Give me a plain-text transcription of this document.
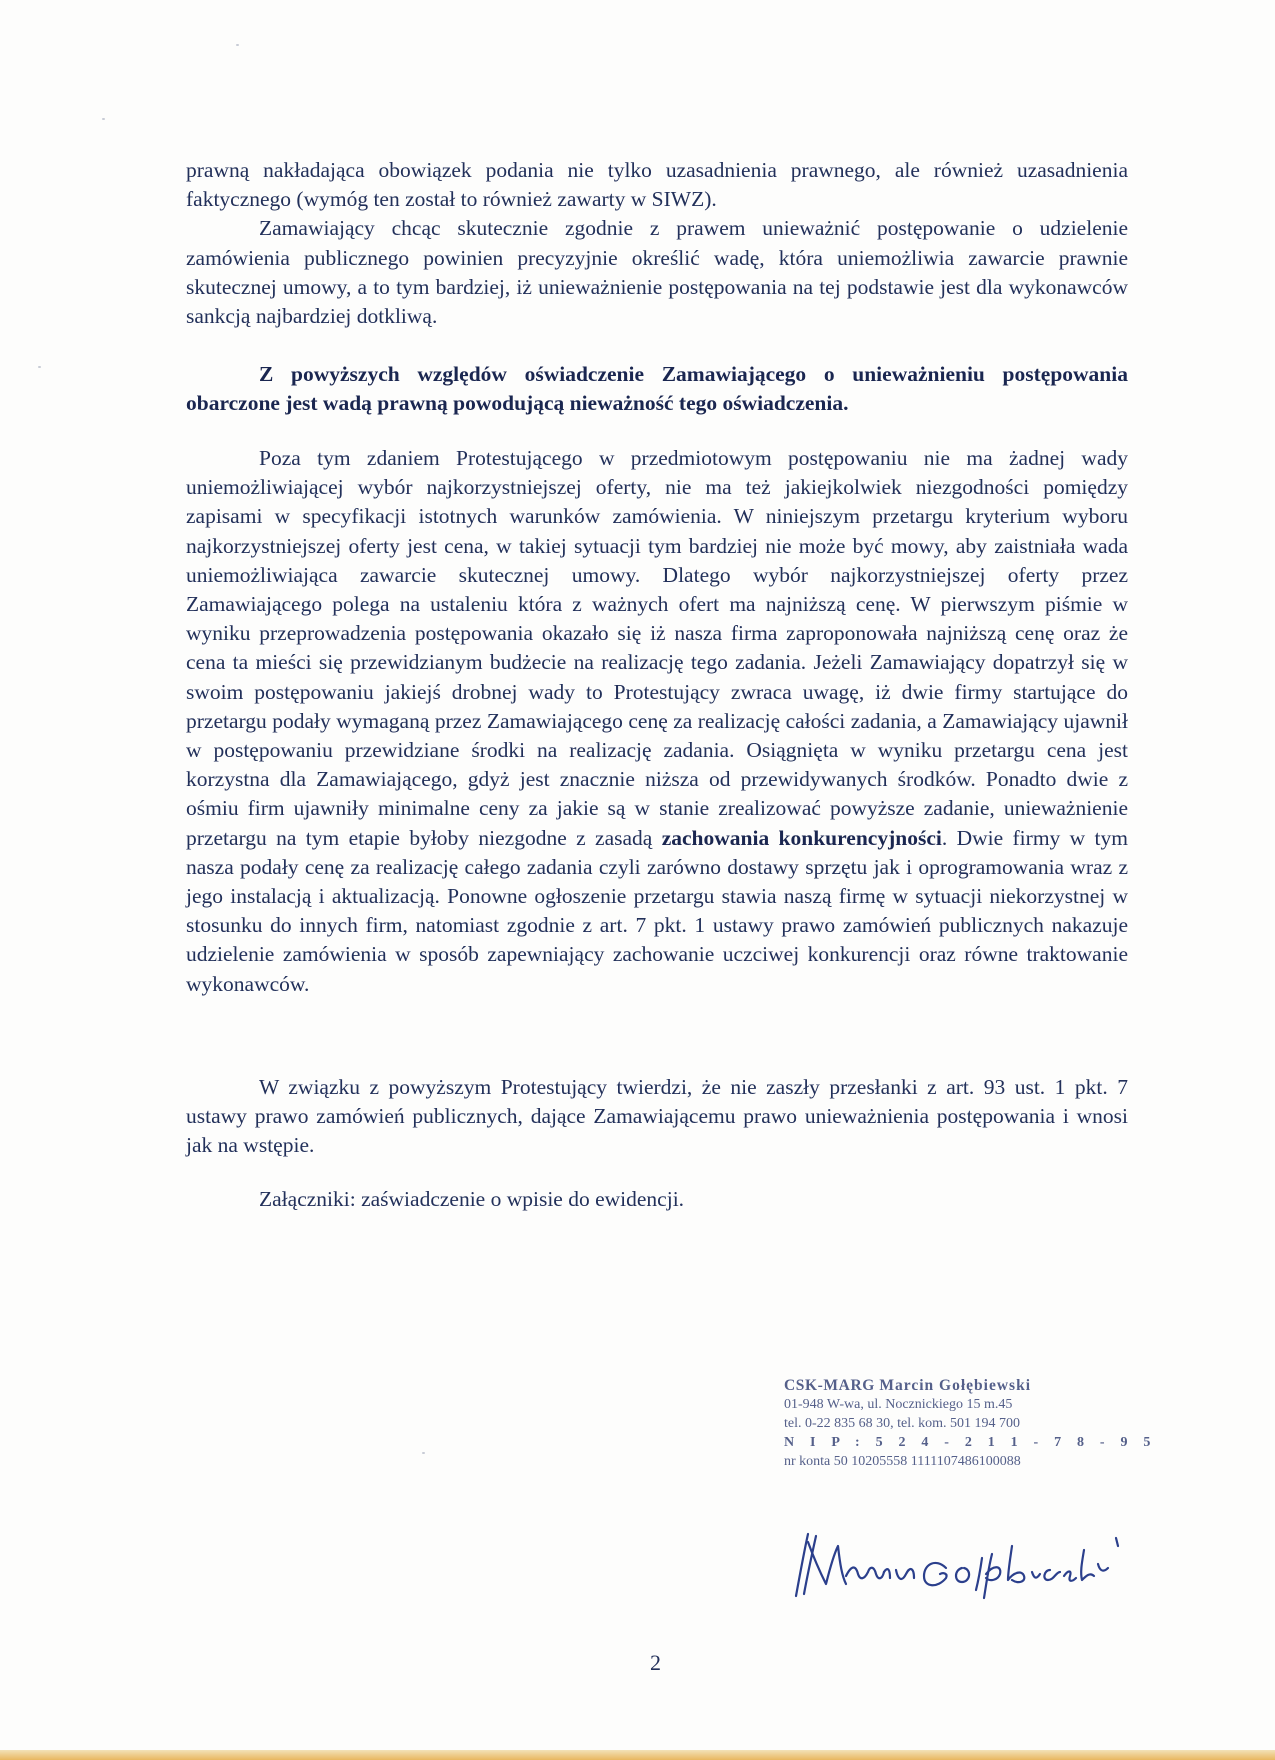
prawną nakładająca obowiązek podania nie tylko uzasadnienia prawnego, ale również uzasadnienia faktycznego (wymóg ten został to również zawarty w SIWZ).

Zamawiający chcąc skutecznie zgodnie z prawem unieważnić postępowanie o udzielenie zamówienia publicznego powinien precyzyjnie określić wadę, która uniemożliwia zawarcie prawnie skutecznej umowy, a to tym bardziej, iż unieważnienie postępowania na tej podstawie jest dla wykonawców sankcją najbardziej dotkliwą.

Z powyższych względów oświadczenie Zamawiającego o unieważnieniu postępowania obarczone jest wadą prawną powodującą nieważność tego oświadczenia.

Poza tym zdaniem Protestującego w przedmiotowym postępowaniu nie ma żadnej wady uniemożliwiającej wybór najkorzystniejszej oferty, nie ma też jakiejkolwiek niezgodności pomiędzy zapisami w specyfikacji istotnych warunków zamówienia. W niniejszym przetargu kryterium wyboru najkorzystniejszej oferty jest cena, w takiej sytuacji tym bardziej nie może być mowy, aby zaistniała wada uniemożliwiająca zawarcie skutecznej umowy. Dlatego wybór najkorzystniejszej oferty przez Zamawiającego polega na ustaleniu która z ważnych ofert ma najniższą cenę. W pierwszym piśmie w wyniku przeprowadzenia postępowania okazało się iż nasza firma zaproponowała najniższą cenę oraz że cena ta mieści się przewidzianym budżecie na realizację tego zadania. Jeżeli Zamawiający dopatrzył się w swoim postępowaniu jakiejś drobnej wady to Protestujący zwraca uwagę, iż dwie firmy startujące do przetargu podały wymaganą przez Zamawiającego cenę za realizację całości zadania, a Zamawiający ujawnił w postępowaniu przewidziane środki na realizację zadania. Osiągnięta w wyniku przetargu cena jest korzystna dla Zamawiającego, gdyż jest znacznie niższa od przewidywanych środków. Ponadto dwie z ośmiu firm ujawniły minimalne ceny za jakie są w stanie zrealizować powyższe zadanie, unieważnienie przetargu na tym etapie byłoby niezgodne z zasadą zachowania konkurencyjności. Dwie firmy w tym nasza podały cenę za realizację całego zadania czyli zarówno dostawy sprzętu jak i oprogramowania wraz z jego instalacją i aktualizacją. Ponowne ogłoszenie przetargu stawia naszą firmę w sytuacji niekorzystnej w stosunku do innych firm, natomiast zgodnie z art. 7 pkt. 1 ustawy prawo zamówień publicznych nakazuje udzielenie zamówienia w sposób zapewniający zachowanie uczciwej konkurencji oraz równe traktowanie wykonawców.

W związku z powyższym Protestujący twierdzi, że nie zaszły przesłanki z art. 93 ust. 1 pkt. 7 ustawy prawo zamówień publicznych, dające Zamawiającemu prawo unieważnienia postępowania i wnosi jak na wstępie.

Załączniki: zaświadczenie o wpisie do ewidencji.

CSK-MARG Marcin Gołębiewski
01-948 W-wa, ul. Nocznickiego 15 m.45
tel. 0-22 835 68 30, tel. kom. 501 194 700
N I P : 5 2 4 - 2 1 1 - 7 8 - 9 5
nr konta 50 10205558 1111107486100088
2
